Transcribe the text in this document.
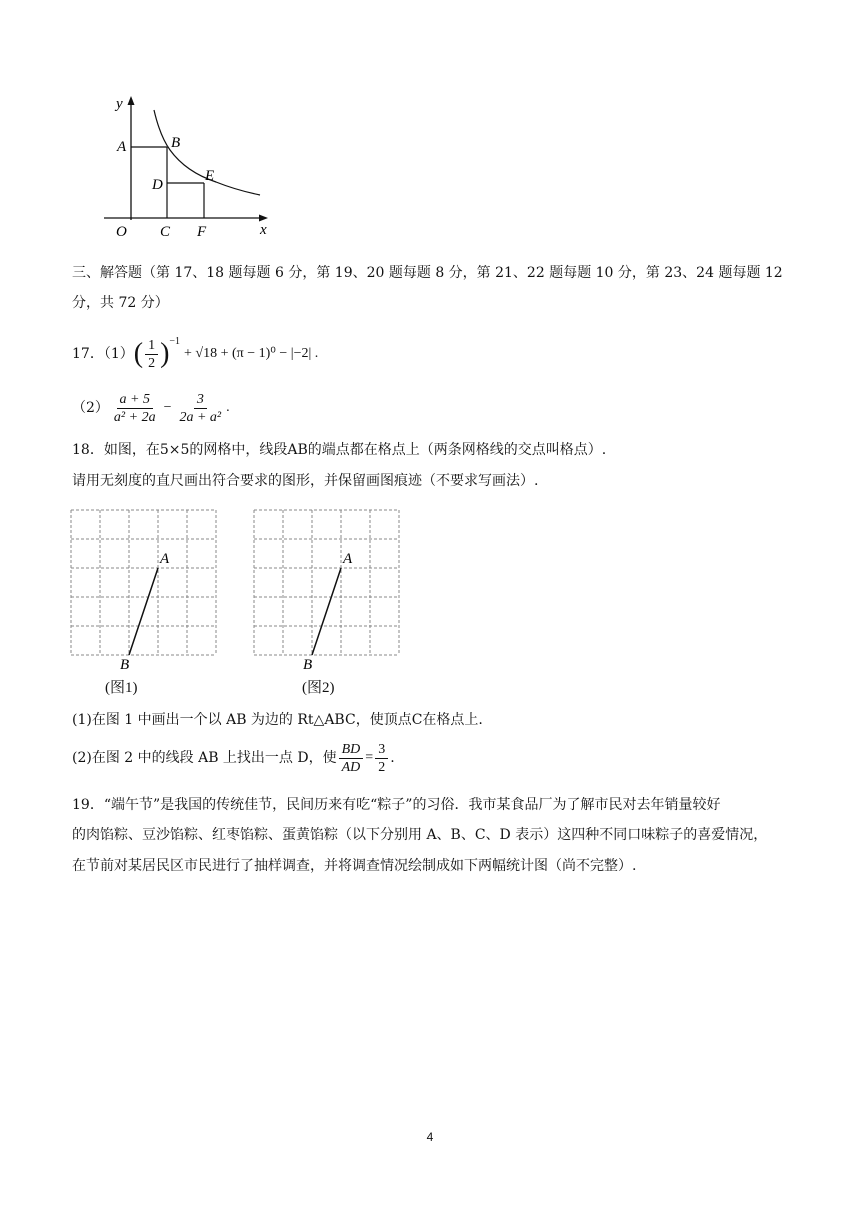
y
A	B
D
E
O C F	x
三、解答题（第 17、18 题每题 6 分，第 19、20 题每题 8 分，第 21、22 题每题 10 分，第 23、24 题每题 12
分，共 72 分）
17．（1） ( $\frac{1}{2} )^{-1}$
+ √18 + (π − 1)⁰ − |−2| .
$(2) \frac{a + 5}{\text{a² + 2a}} - \frac{3}{\text{2a + a²}}$ .
18．如图，在5×5的网格中，线段AB的端点都在格点上（两条网格线的交点叫格点）.
请用无刻度的直尺画出符合要求的图形，并保留画图痕迹（不要求写画法）.
A
B
(图1)
A
B
(图2)
(1)在图 1 中画出一个以 AB 为边的 Rt△ABC，使顶点C在格点上.
(2)在图 2 中的线段 AB 上找出一点 D，使 $\frac{BD}{AD} = \frac{3}{2}$ .
19．“端午节”是我国的传统佳节，民间历来有吃“粽子”的习俗．我市某食品厂为了解市民对去年销量较好
的肉馅粽、豆沙馅粽、红枣馅粽、蛋黄馅粽（以下分别用 A、B、C、D 表示）这四种不同口味粽子的喜爱情况，
在节前对某居民区市民进行了抽样调查，并将调查情况绘制成如下两幅统计图（尚不完整）.
4
